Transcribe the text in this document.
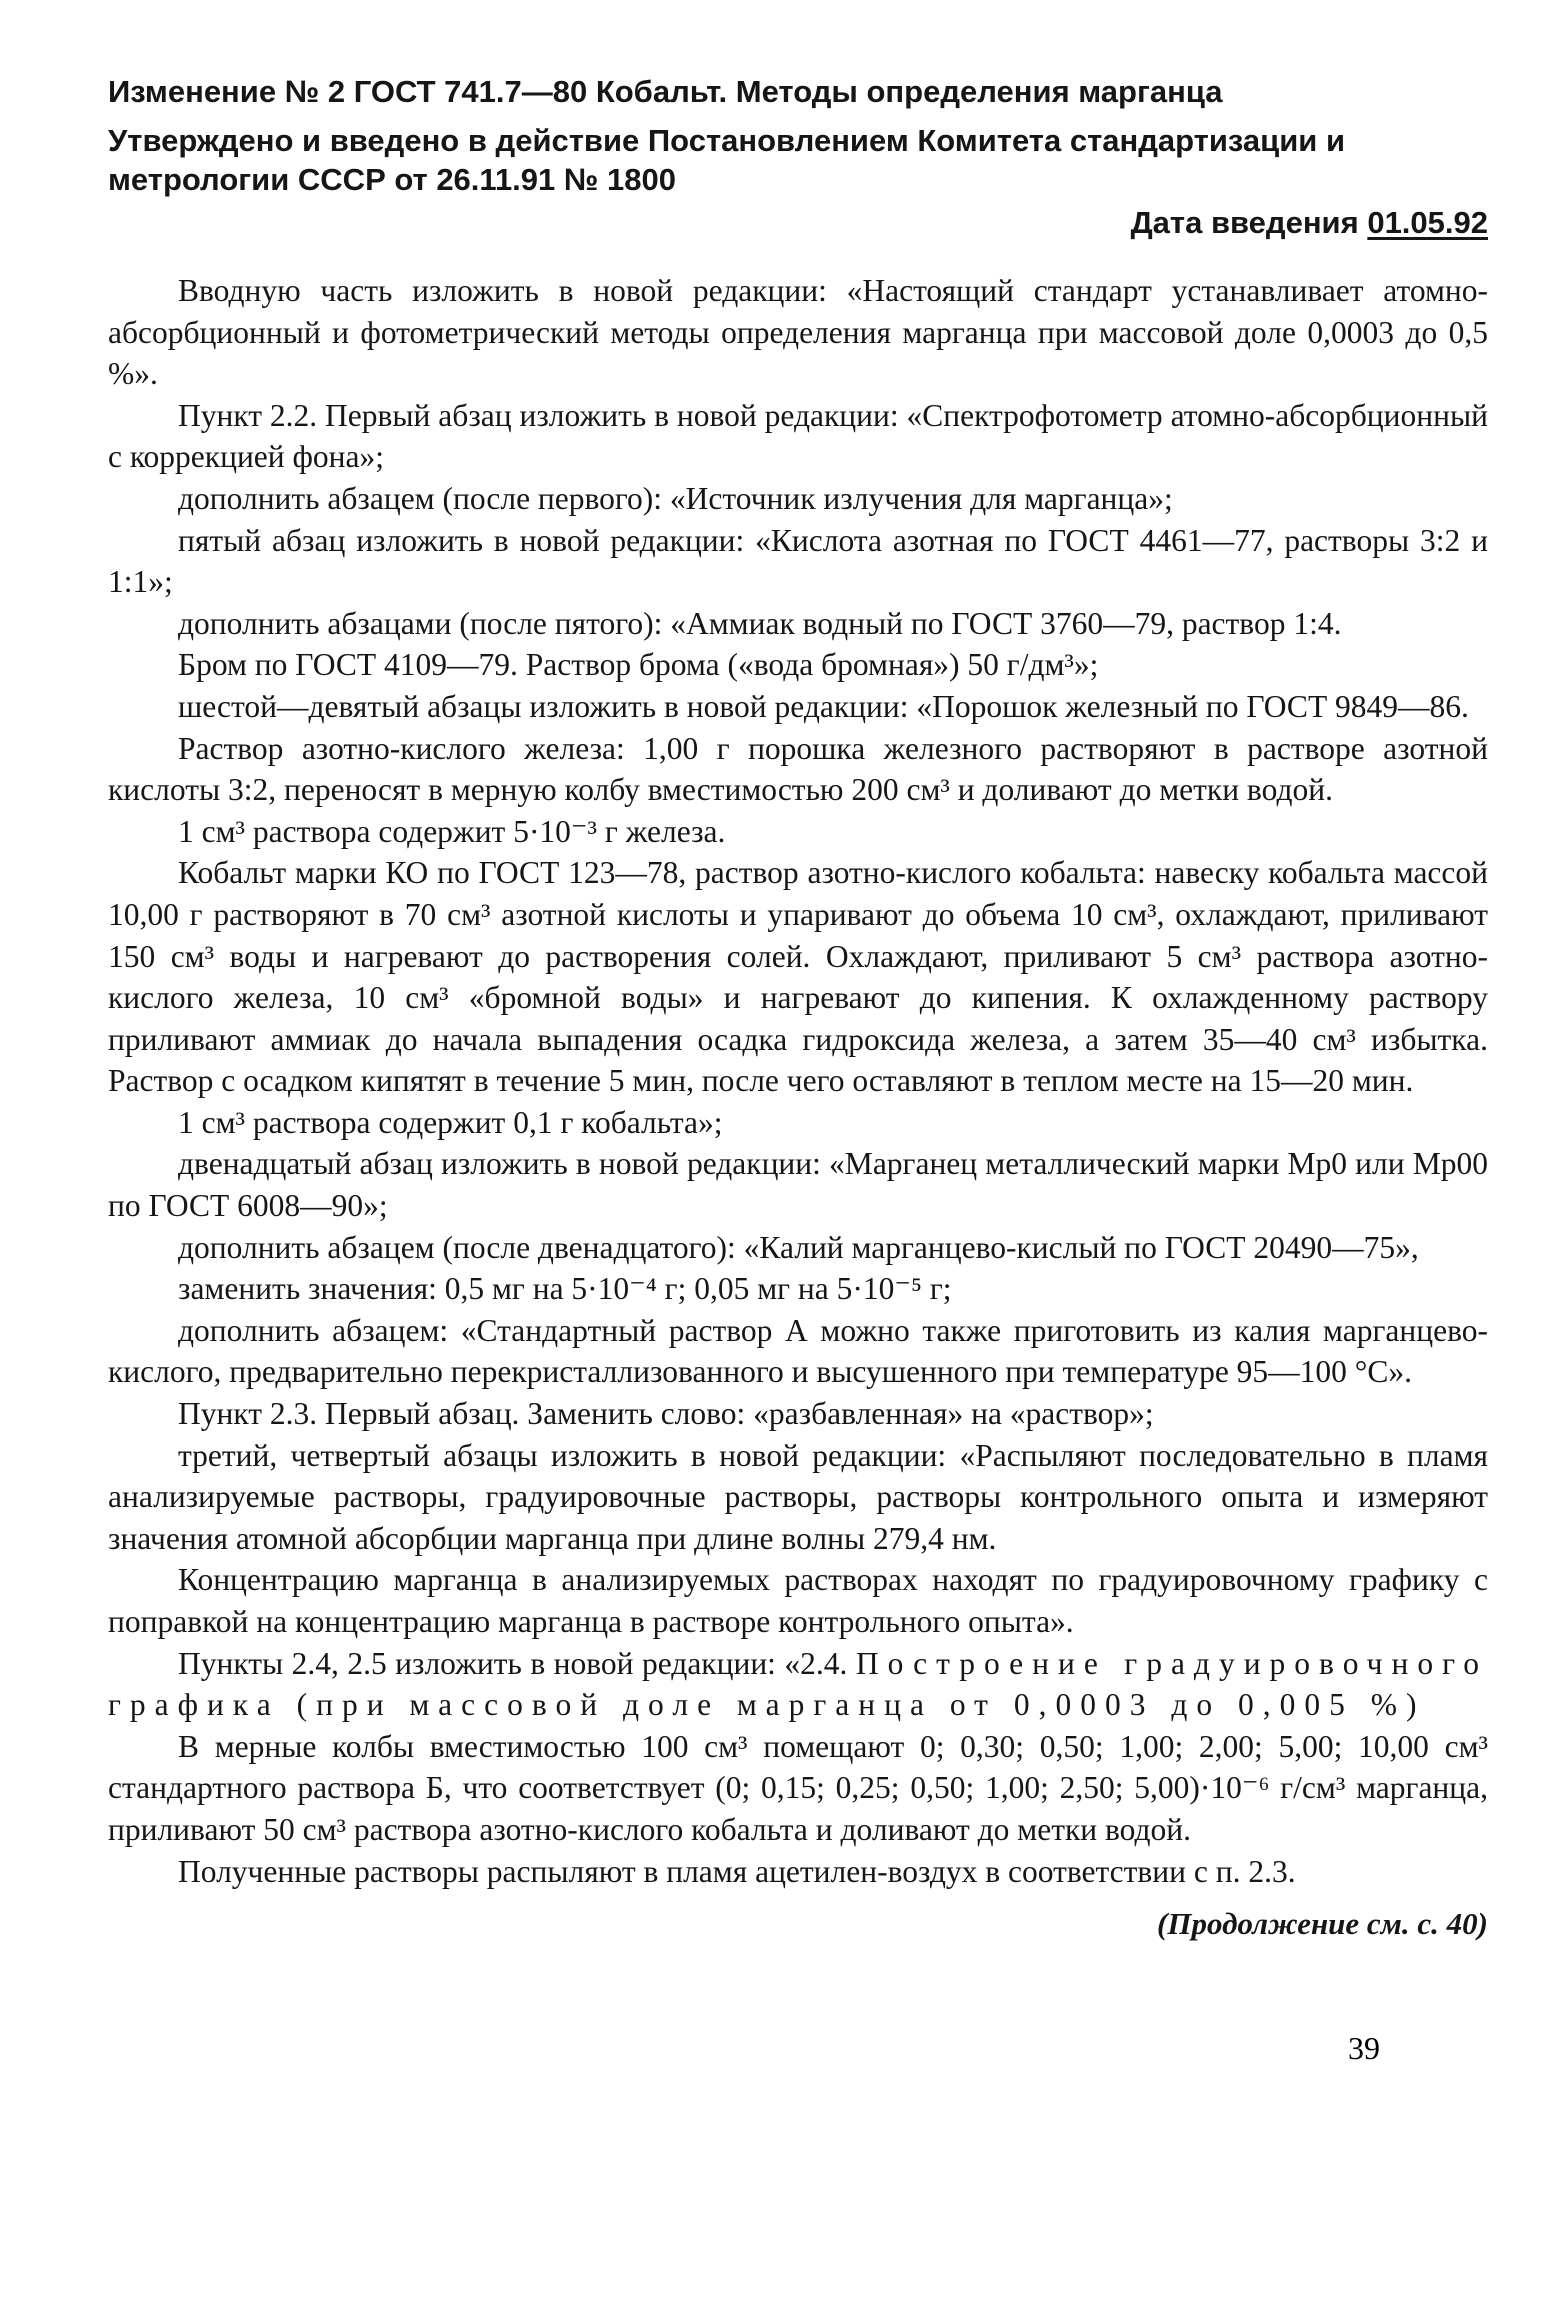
Изменение № 2 ГОСТ 741.7—80 Кобальт. Методы определения марганца

Утверждено и введено в действие Постановлением Комитета стандартизации и метрологии СССР от 26.11.91 № 1800

Дата введения 01.05.92

Вводную часть изложить в новой редакции: «Настоящий стандарт устанавливает атомно-абсорбционный и фотометрический методы определения марганца при массовой доле 0,0003 до 0,5 %».

Пункт 2.2. Первый абзац изложить в новой редакции: «Спектрофотометр атомно-абсорбционный с коррекцией фона»;

дополнить абзацем (после первого): «Источник излучения для марганца»;

пятый абзац изложить в новой редакции: «Кислота азотная по ГОСТ 4461—77, растворы 3:2 и 1:1»;

дополнить абзацами (после пятого): «Аммиак водный по ГОСТ 3760—79, раствор 1:4.

Бром по ГОСТ 4109—79. Раствор брома («вода бромная») 50 г/дм³»;

шестой—девятый абзацы изложить в новой редакции: «Порошок железный по ГОСТ 9849—86.

Раствор азотно-кислого железа: 1,00 г порошка железного растворяют в растворе азотной кислоты 3:2, переносят в мерную колбу вместимостью 200 см³ и доливают до метки водой.

1 см³ раствора содержит 5·10⁻³ г железа.

Кобальт марки КО по ГОСТ 123—78, раствор азотно-кислого кобальта: навеску кобальта массой 10,00 г растворяют в 70 см³ азотной кислоты и упаривают до объема 10 см³, охлаждают, приливают 150 см³ воды и нагревают до растворения солей. Охлаждают, приливают 5 см³ раствора азотно-кислого железа, 10 см³ «бромной воды» и нагревают до кипения. К охлажденному раствору приливают аммиак до начала выпадения осадка гидроксида железа, а затем 35—40 см³ избытка. Раствор с осадком кипятят в течение 5 мин, после чего оставляют в теплом месте на 15—20 мин.

1 см³ раствора содержит 0,1 г кобальта»;

двенадцатый абзац изложить в новой редакции: «Марганец металлический марки Мр0 или Мр00 по ГОСТ 6008—90»;

дополнить абзацем (после двенадцатого): «Калий марганцево-кислый по ГОСТ 20490—75»,

заменить значения: 0,5 мг на 5·10⁻⁴ г; 0,05 мг на 5·10⁻⁵ г;

дополнить абзацем: «Стандартный раствор А можно также приготовить из калия марганцево-кислого, предварительно перекристаллизованного и высушенного при температуре 95—100 °С».

Пункт 2.3. Первый абзац. Заменить слово: «разбавленная» на «раствор»;

третий, четвертый абзацы изложить в новой редакции: «Распыляют последовательно в пламя анализируемые растворы, градуировочные растворы, растворы контрольного опыта и измеряют значения атомной абсорбции марганца при длине волны 279,4 нм.

Концентрацию марганца в анализируемых растворах находят по градуировочному графику с поправкой на концентрацию марганца в растворе контрольного опыта».

Пункты 2.4, 2.5 изложить в новой редакции: «2.4. Построение градуировочного графика (при массовой доле марганца от 0,0003 до 0,005 %)

В мерные колбы вместимостью 100 см³ помещают 0; 0,30; 0,50; 1,00; 2,00; 5,00; 10,00 см³ стандартного раствора Б, что соответствует (0; 0,15; 0,25; 0,50; 1,00; 2,50; 5,00)·10⁻⁶ г/см³ марганца, приливают 50 см³ раствора азотно-кислого кобальта и доливают до метки водой.

Полученные растворы распыляют в пламя ацетилен-воздух в соответствии с п. 2.3.

(Продолжение см. с. 40)
39
